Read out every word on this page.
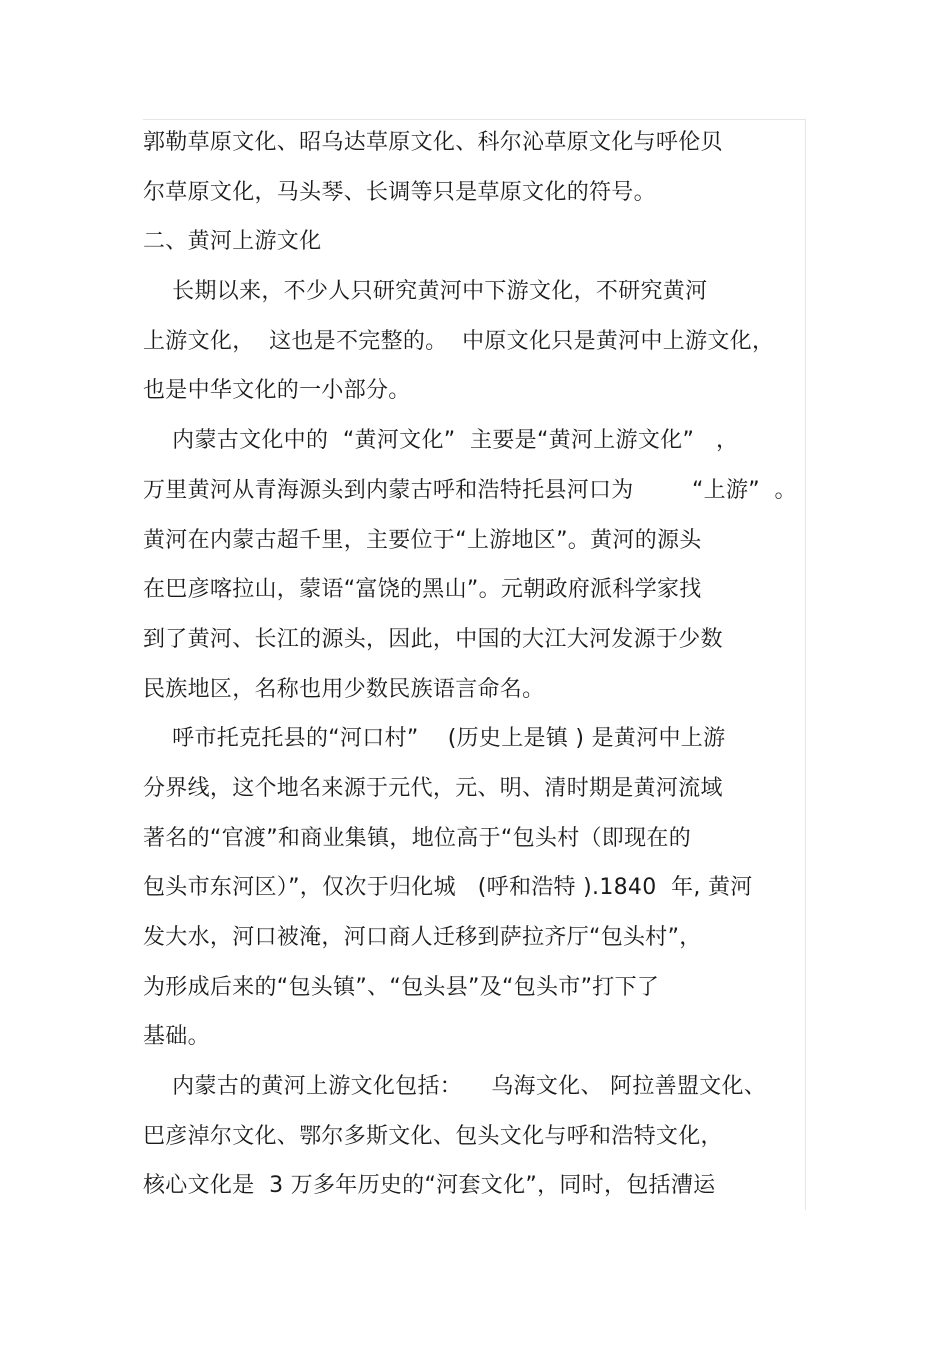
郭勒草原文化、昭乌达草原文化、科尔沁草原文化与呼伦贝
尔草原文化，马头琴、长调等只是草原文化的符号。
二、黄河上游文化
长期以来，不少人只研究黄河中下游文化，不研究黄河
上游文化，  这也是不完整的。  中原文化只是黄河中上游文化，
也是中华文化的一小部分。
内蒙古文化中的  “黄河文化”  主要是“黄河上游文化”   ，
万里黄河从青海源头到内蒙古呼和浩特托县河口为        “上游”  。
黄河在内蒙古超千里，主要位于“上游地区”。黄河的源头
在巴彦喀拉山，蒙语“富饶的黑山”。元朝政府派科学家找
到了黄河、长江的源头，因此，中国的大江大河发源于少数
民族地区，名称也用少数民族语言命名。
呼市托克托县的“河口村”    (历史上是镇 ) 是黄河中上游
分界线，这个地名来源于元代，元、明、清时期是黄河流域
著名的“官渡”和商业集镇，地位高于“包头村（即现在的
包头市东河区）”，仅次于归化城   (呼和浩特 ).1840  年, 黄河
发大水，河口被淹，河口商人迁移到萨拉齐厅“包头村”，
为形成后来的“包头镇”、“包头县”及“包头市”打下了
基础。
内蒙古的黄河上游文化包括：    乌海文化、 阿拉善盟文化、
巴彦淖尔文化、鄂尔多斯文化、包头文化与呼和浩特文化，
核心文化是  3 万多年历史的“河套文化”，同时，包括漕运
